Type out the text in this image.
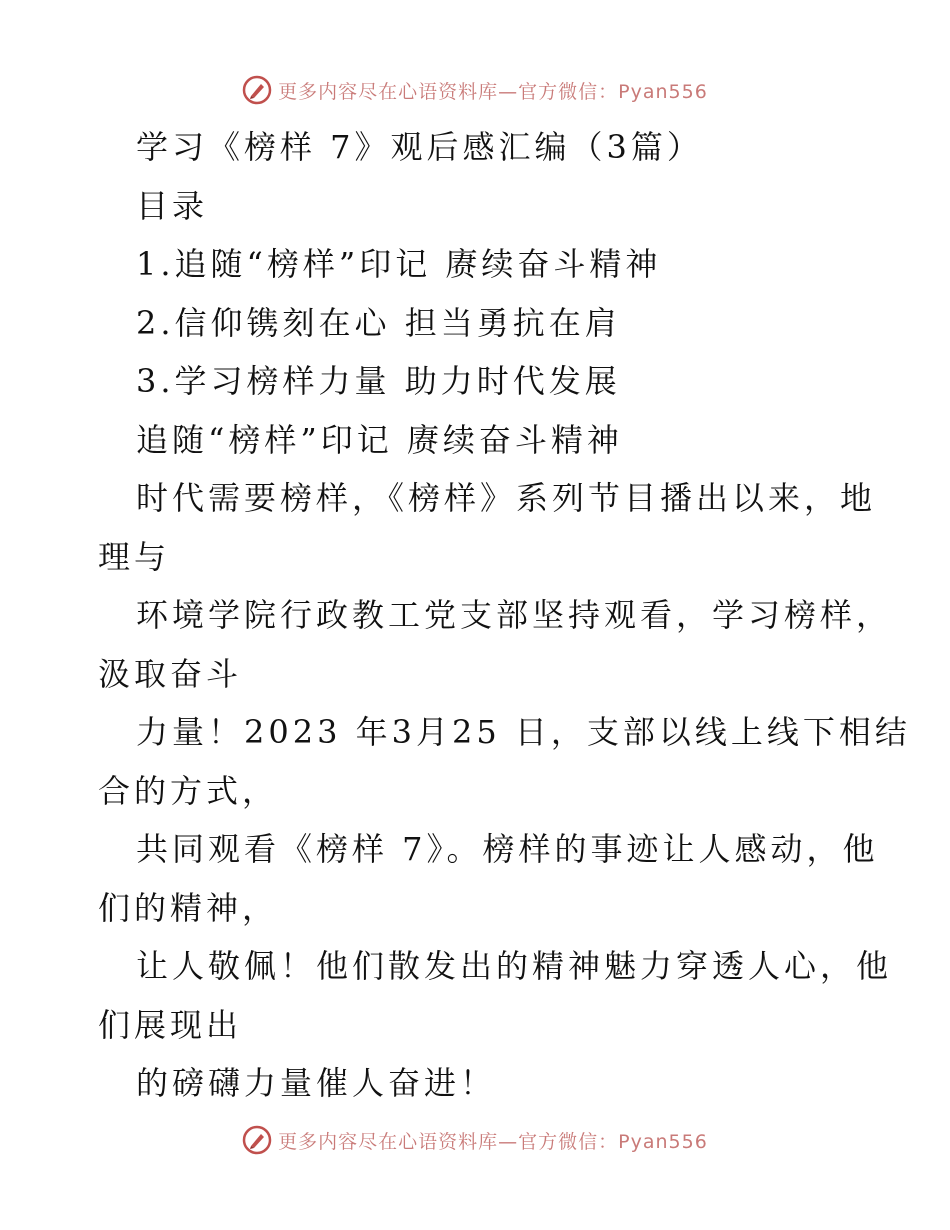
更多内容尽在心语资料库—官方微信：Pyan556
学习《榜样 7》观后感汇编（3篇）
目录
1.追随“榜样”印记 赓续奋斗精神
2.信仰镌刻在心 担当勇抗在肩
3.学习榜样力量 助力时代发展
追随“榜样”印记 赓续奋斗精神
时代需要榜样，《榜样》系列节目播出以来，地
理与
环境学院行政教工党支部坚持观看，学习榜样，
汲取奋斗
力量！2023 年3月25 日，支部以线上线下相结
合的方式，
共同观看《榜样 7》。榜样的事迹让人感动，他
们的精神，
让人敬佩！他们散发出的精神魅力穿透人心，他
们展现出
的磅礴力量催人奋进！
更多内容尽在心语资料库—官方微信：Pyan556
